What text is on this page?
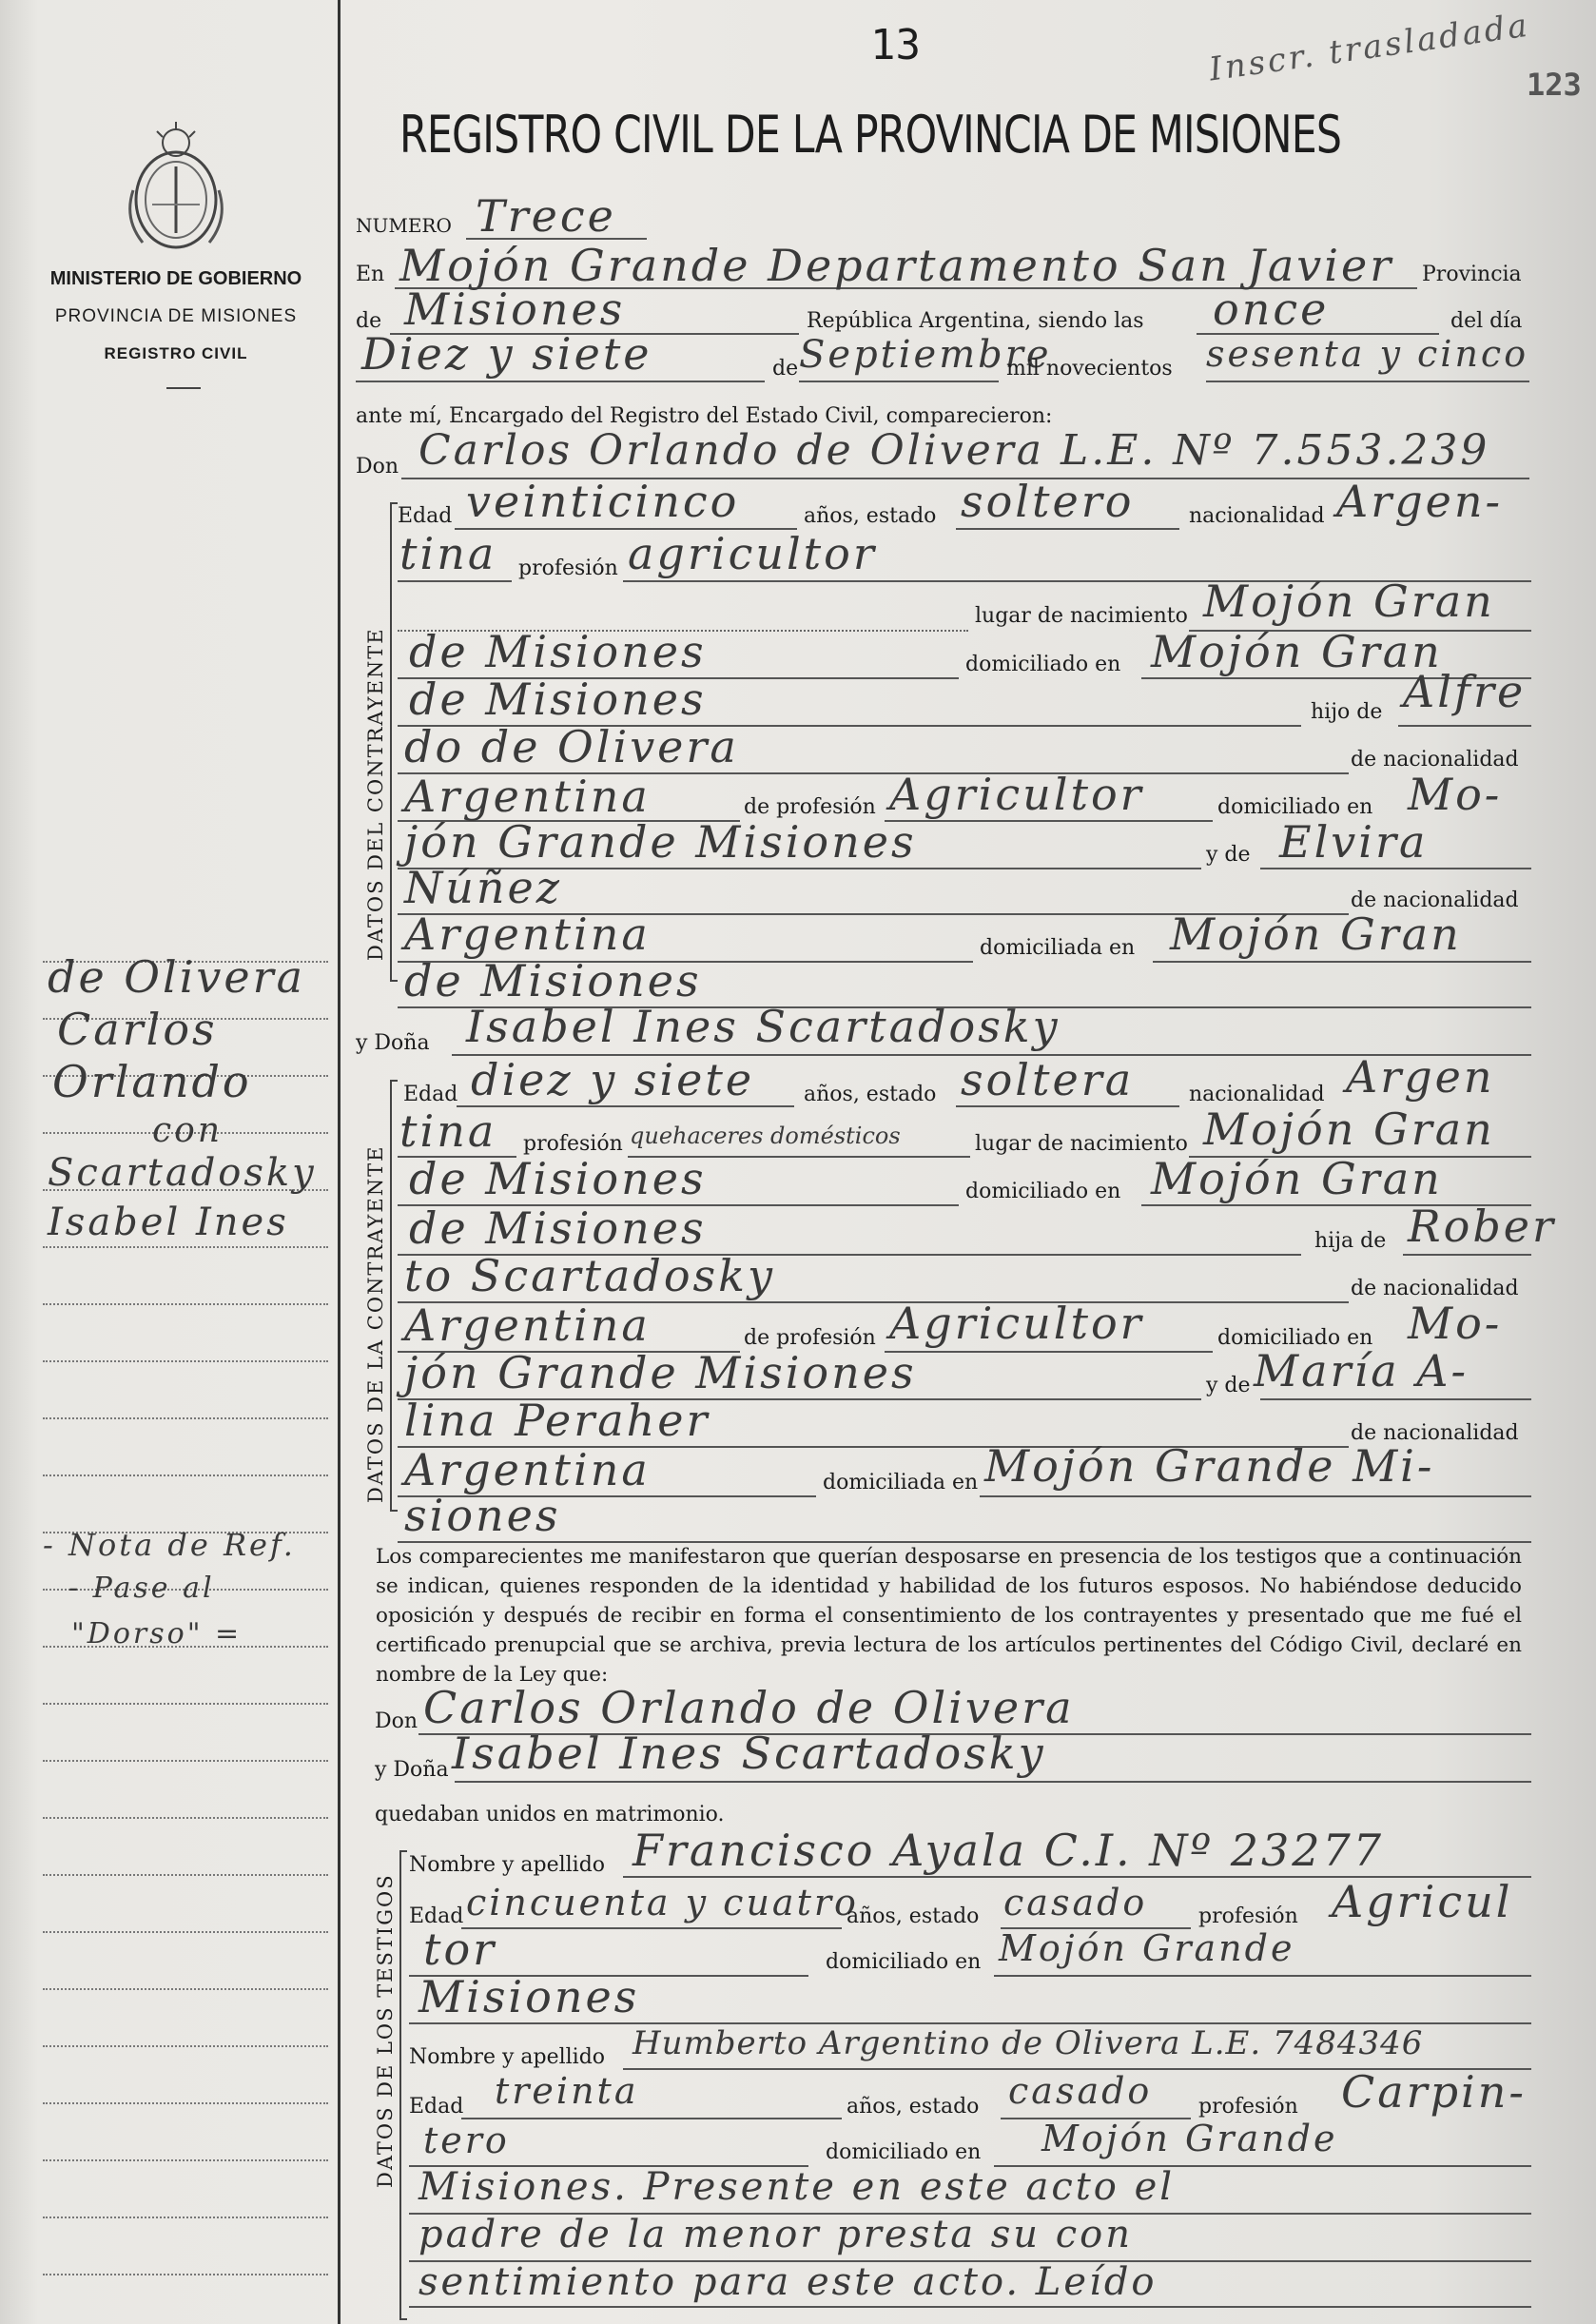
MINISTERIO DE GOBIERNO
PROVINCIA DE MISIONES
REGISTRO CIVIL
de Olivera
Carlos
Orlando
con
Scartadosky
Isabel Ines
- Nota de Ref.
- Pase al
"Dorso" =
13	Inscr. trasladada
123
REGISTRO CIVIL DE LA PROVINCIA DE MISIONES
NUMERO Trece
En Mojón Grande Departamento San Javier Provincia
de Misiones	República Argentina, siendo las once	del día
Diez y siete	de Septiembre
mil novecientos sesenta y cinco
ante mí, Encargado del Registro del Estado Civil, comparecieron:
Don Carlos Orlando de Olivera L.E. Nº 7.553.239
DATOS DEL CONTRAYENTE
Edad veinticinco	años, estado soltero	nacionalidad Argen-
tina profesión agricultor
lugar de nacimiento Mojón Gran
de Misiones	domiciliado en Mojón Gran
de Misiones	hijo de Alfre
do de Olivera	de nacionalidad
Argentina	de profesión Agricultor	domiciliado en Mo-
jón Grande Misiones	y de Elvira
Núñez	de nacionalidad
Argentina	domiciliada en Mojón Gran
de Misiones
y Doña Isabel Ines Scartadosky
DATOS DE LA CONTRAYENTE
Edad diez y siete años, estado soltera	nacionalidad Argen
tina profesión quehaceres domésticos	lugar de nacimiento Mojón Gran
de Misiones	domiciliado en Mojón Gran
de Misiones	hija de Rober
to Scartadosky	de nacionalidad
Argentina	de profesión Agricultor	domiciliado en Mo-
jón Grande Misiones	y de María A-
lina Peraher	de nacionalidad
Argentina	domiciliada en Mojón Grande Mi-
siones
Los comparecientes me manifestaron que querían desposarse en presencia de los testigos que a continuación se indican, quienes responden de la identidad y habilidad de los futuros esposos. No habiéndose deducido oposición y después de recibir en forma el consentimiento de los contrayentes y presentado que me fué el certificado prenupcial que se archiva, previa lectura de los artículos pertinentes del Código Civil, declaré en nombre de la Ley que:
Don Carlos Orlando de Olivera
y Doña Isabel Ines Scartadosky
quedaban unidos en matrimonio.
DATOS DE LOS TESTIGOS
Nombre y apellido Francisco Ayala C.I. Nº 23277
Edad cincuenta y cuatro
años, estado casado profesión Agricul
tor	domiciliado en Mojón Grande
Misiones
Nombre y apellido Humberto Argentino de Olivera L.E. 7484346
Edad treinta	años, estado casado profesión Carpin-
tero	domiciliado en Mojón Grande
Misiones. Presente en este acto el
padre de la menor presta su con
sentimiento para este acto. Leído
